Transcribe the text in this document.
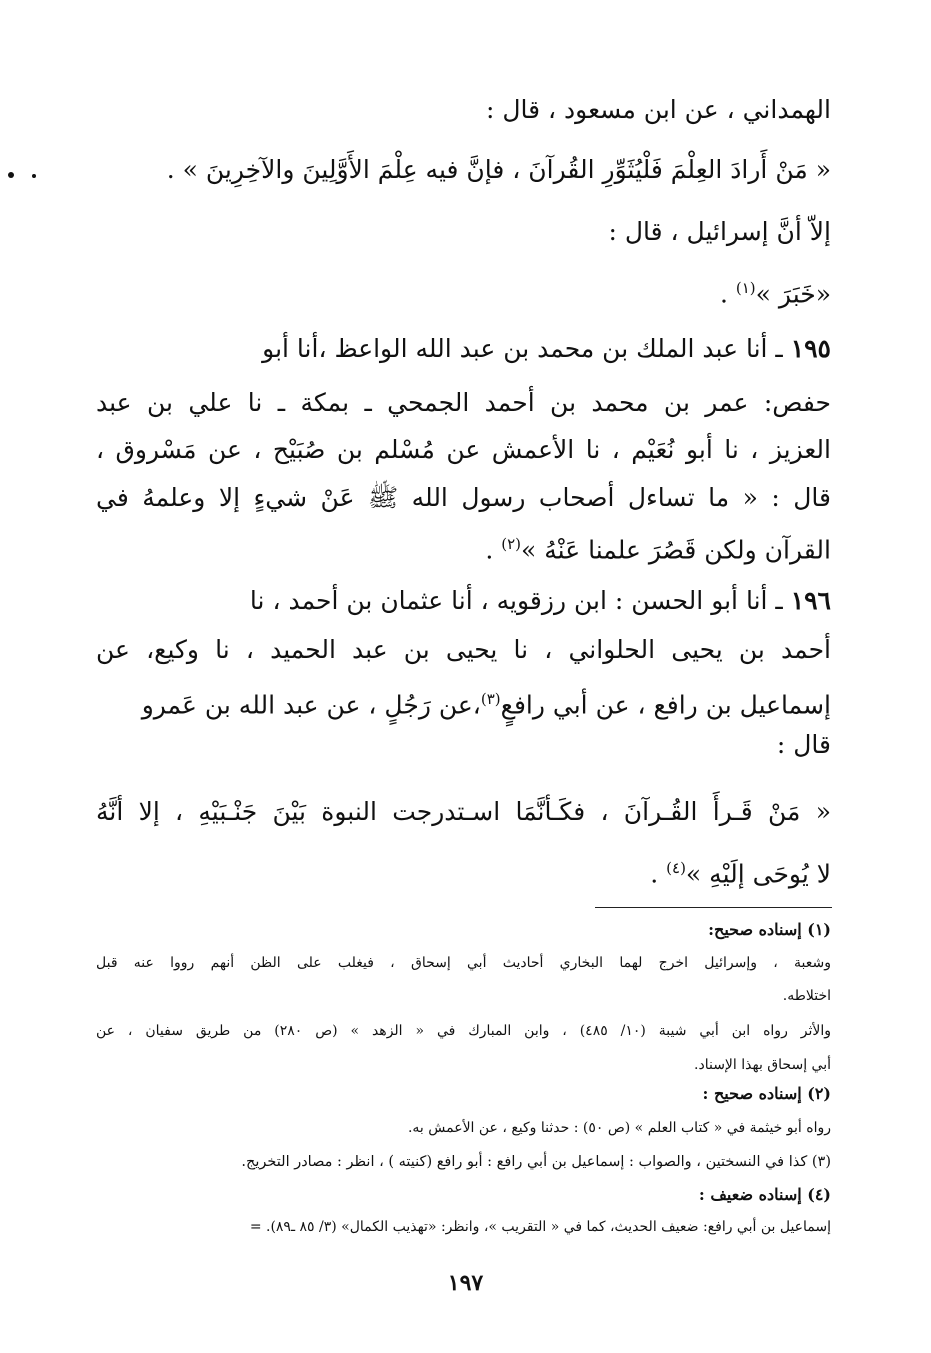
الهمداني ، عن ابن مسعود ، قال :
« مَنْ أَرادَ العِلْمَ فَلْيُثَوِّرِ القُرآنَ ، فإنَّ فيه عِلْمَ الأَوَّلِينَ والآخِرِينَ » .
إلاّ أنَّ إسرائيل ، قال :
«خَبَرَ »$^{(١)}$ .
١٩٥ ـ أنا عبد الملك بن محمد بن عبد الله الواعظ ،أنا أبو
حفص: عمر بن محمد بن أحمد الجمحي ـ بمكة ـ نا علي بن عبد
العزيز ، نا أبو نُعَيْم ، نا الأعمش عن مُسْلم بن صُبَيْح ، عن مَسْروق ،
قال : « ما تساءل أصحاب رسول الله ﷺ عَنْ شيءٍ إلا وعلمهُ في
القرآن ولكن قَصُرَ علمنا عَنْهُ »$^{(٢)}$ .
١٩٦ ـ أنا أبو الحسن : ابن رزقويه ، أنا عثمان بن أحمد ، نا
أحمد بن يحيى الحلواني ، نا يحيى بن عبد الحميد ، نا وكيع، عن
إسماعيل بن رافع ، عن أبي رافعٍ$^{(٣)}$،عن رَجُلٍ ، عن عبد الله بن عَمرو
قال :
« مَنْ قَـرأَ القُـرآنَ ، فكَـأنَّمَا اسـتدرجت النبوة بَيْنَ جَنْـبَيْهِ ، إلا أنَّهُ
لا يُوحَى إلَيْهِ »$^{(٤)}$ .
(١) إسناده صحيح:
وشعبة ، وإسرائيل اخرج لهما البخاري أحاديث أبي إسحاق ، فيغلب على الظن أنهم رووا عنه قبل
اختلاطه.
والأثر رواه ابن أبي شيبة (١٠/ ٤٨٥) ، وابن المبارك في « الزهد » (ص ٢٨٠) من طريق سفيان ، عن
أبي إسحاق بهذا الإسناد.
(٢) إسناده صحيح :
رواه أبو خيثمة في « كتاب العلم » (ص ٥٠) : حدثنا وكيع ، عن الأعمش به.
(٣) كذا في النسختين ، والصواب : إسماعيل بن أبي رافع : أبو رافع (كنيته ) ، انظر : مصادر التخريج.
(٤) إسناده ضعيف :
إسماعيل بن أبي رافع: ضعيف الحديث، كما في « التقريب »، وانظر: «تهذيب الكمال» (٣/ ٨٥ ـ٨٩). =
١٩٧
